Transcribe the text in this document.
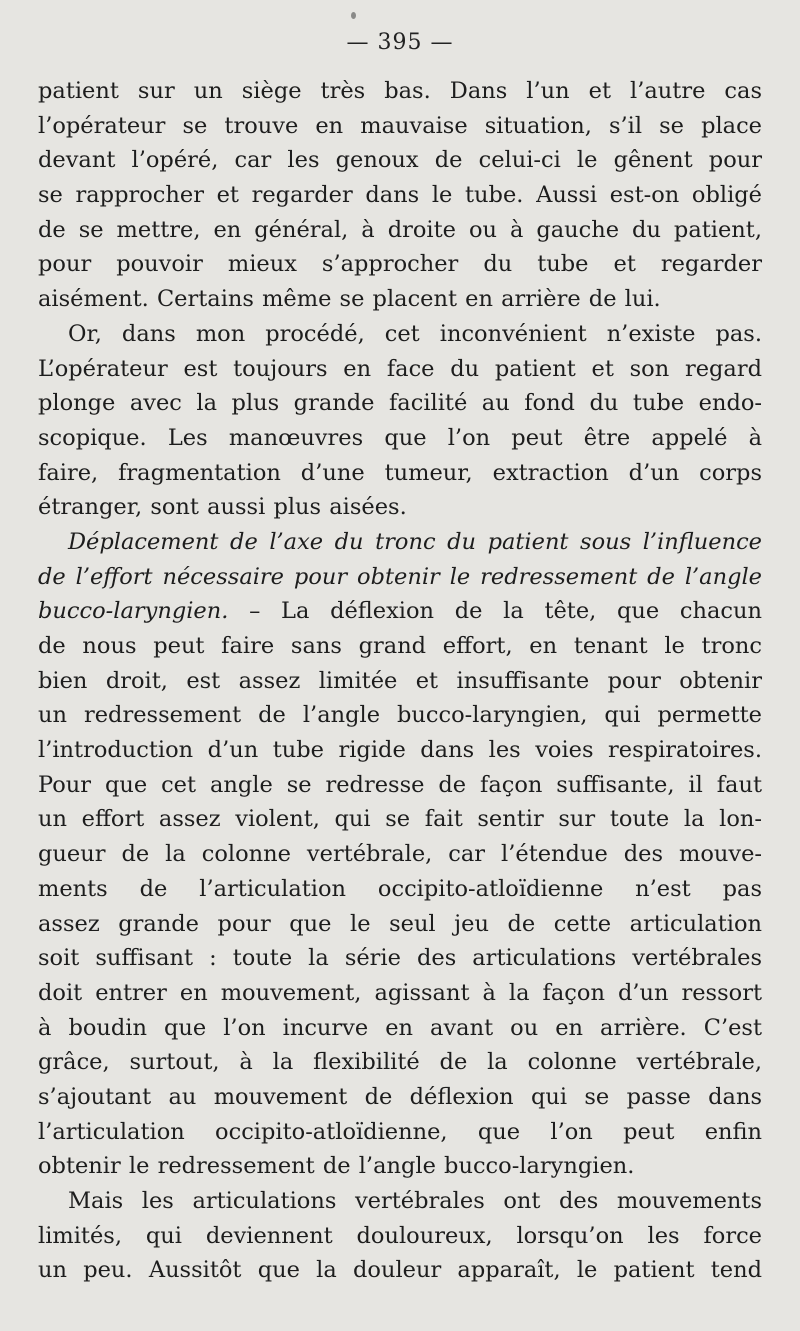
— 395 —
patient sur un siège très bas. Dans l’un et l’autre cas
l’opérateur se trouve en mauvaise situation, s’il se place
devant l’opéré, car les genoux de celui-ci le gênent pour
se rapprocher et regarder dans le tube. Aussi est-on obligé
de se mettre, en général, à droite ou à gauche du patient,
pour pouvoir mieux s’approcher du tube et regarder
aisément. Certains même se placent en arrière de lui.
Or, dans mon procédé, cet inconvénient n’existe pas.
L’opérateur est toujours en face du patient et son regard
plonge avec la plus grande facilité au fond du tube endo-
scopique. Les manœuvres que l’on peut être appelé à
faire, fragmentation d’une tumeur, extraction d’un corps
étranger, sont aussi plus aisées.
Déplacement de l’axe du tronc du patient sous l’influence
de l’effort nécessaire pour obtenir le redressement de l’angle
bucco-laryngien. – La déflexion de la tête, que chacun
de nous peut faire sans grand effort, en tenant le tronc
bien droit, est assez limitée et insuffisante pour obtenir
un redressement de l’angle bucco-laryngien, qui permette
l’introduction d’un tube rigide dans les voies respiratoires.
Pour que cet angle se redresse de façon suffisante, il faut
un effort assez violent, qui se fait sentir sur toute la lon-
gueur de la colonne vertébrale, car l’étendue des mouve-
ments de l’articulation occipito-atloïdienne n’est pas
assez grande pour que le seul jeu de cette articulation
soit suffisant : toute la série des articulations vertébrales
doit entrer en mouvement, agissant à la façon d’un ressort
à boudin que l’on incurve en avant ou en arrière. C’est
grâce, surtout, à la flexibilité de la colonne vertébrale,
s’ajoutant au mouvement de déflexion qui se passe dans
l’articulation occipito-atloïdienne, que l’on peut enfin
obtenir le redressement de l’angle bucco-laryngien.
Mais les articulations vertébrales ont des mouvements
limités, qui deviennent douloureux, lorsqu’on les force
un peu. Aussitôt que la douleur apparaît, le patient tend
